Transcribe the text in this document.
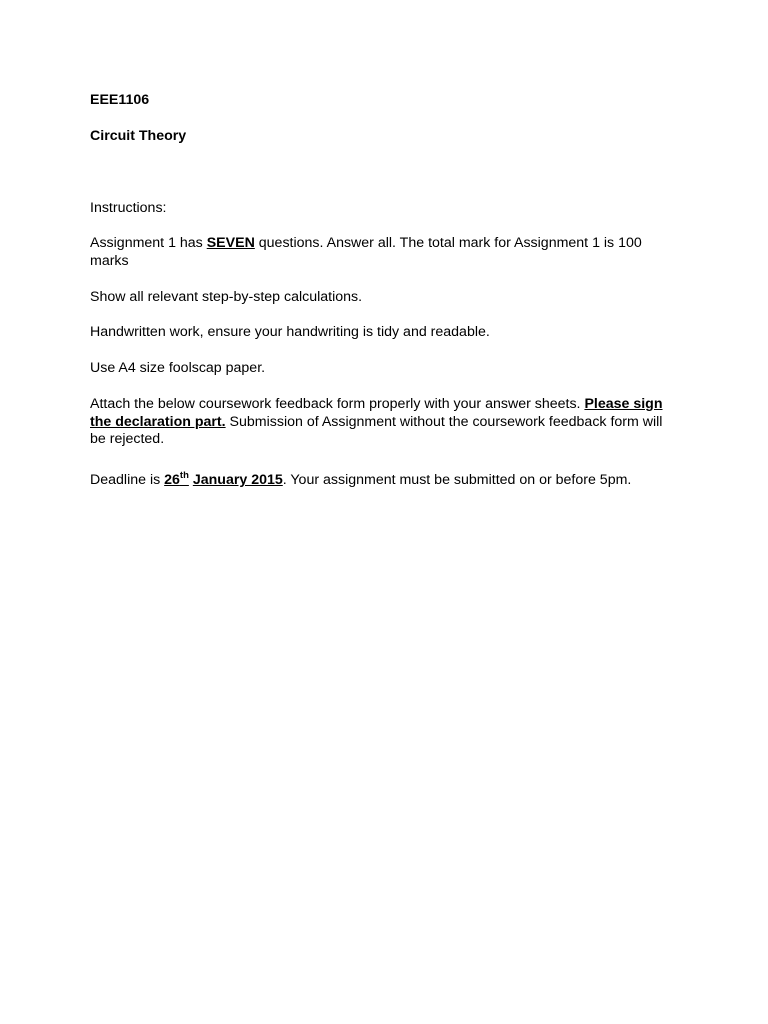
EEE1106

Circuit Theory

Instructions:

Assignment 1 has SEVEN questions. Answer all. The total mark for Assignment 1 is 100 marks

Show all relevant step-by-step calculations.

Handwritten work, ensure your handwriting is tidy and readable.

Use A4 size foolscap paper.

Attach the below coursework feedback form properly with your answer sheets. Please sign the declaration part. Submission of Assignment without the coursework feedback form will be rejected.

Deadline is 26th January 2015. Your assignment must be submitted on or before 5pm.
